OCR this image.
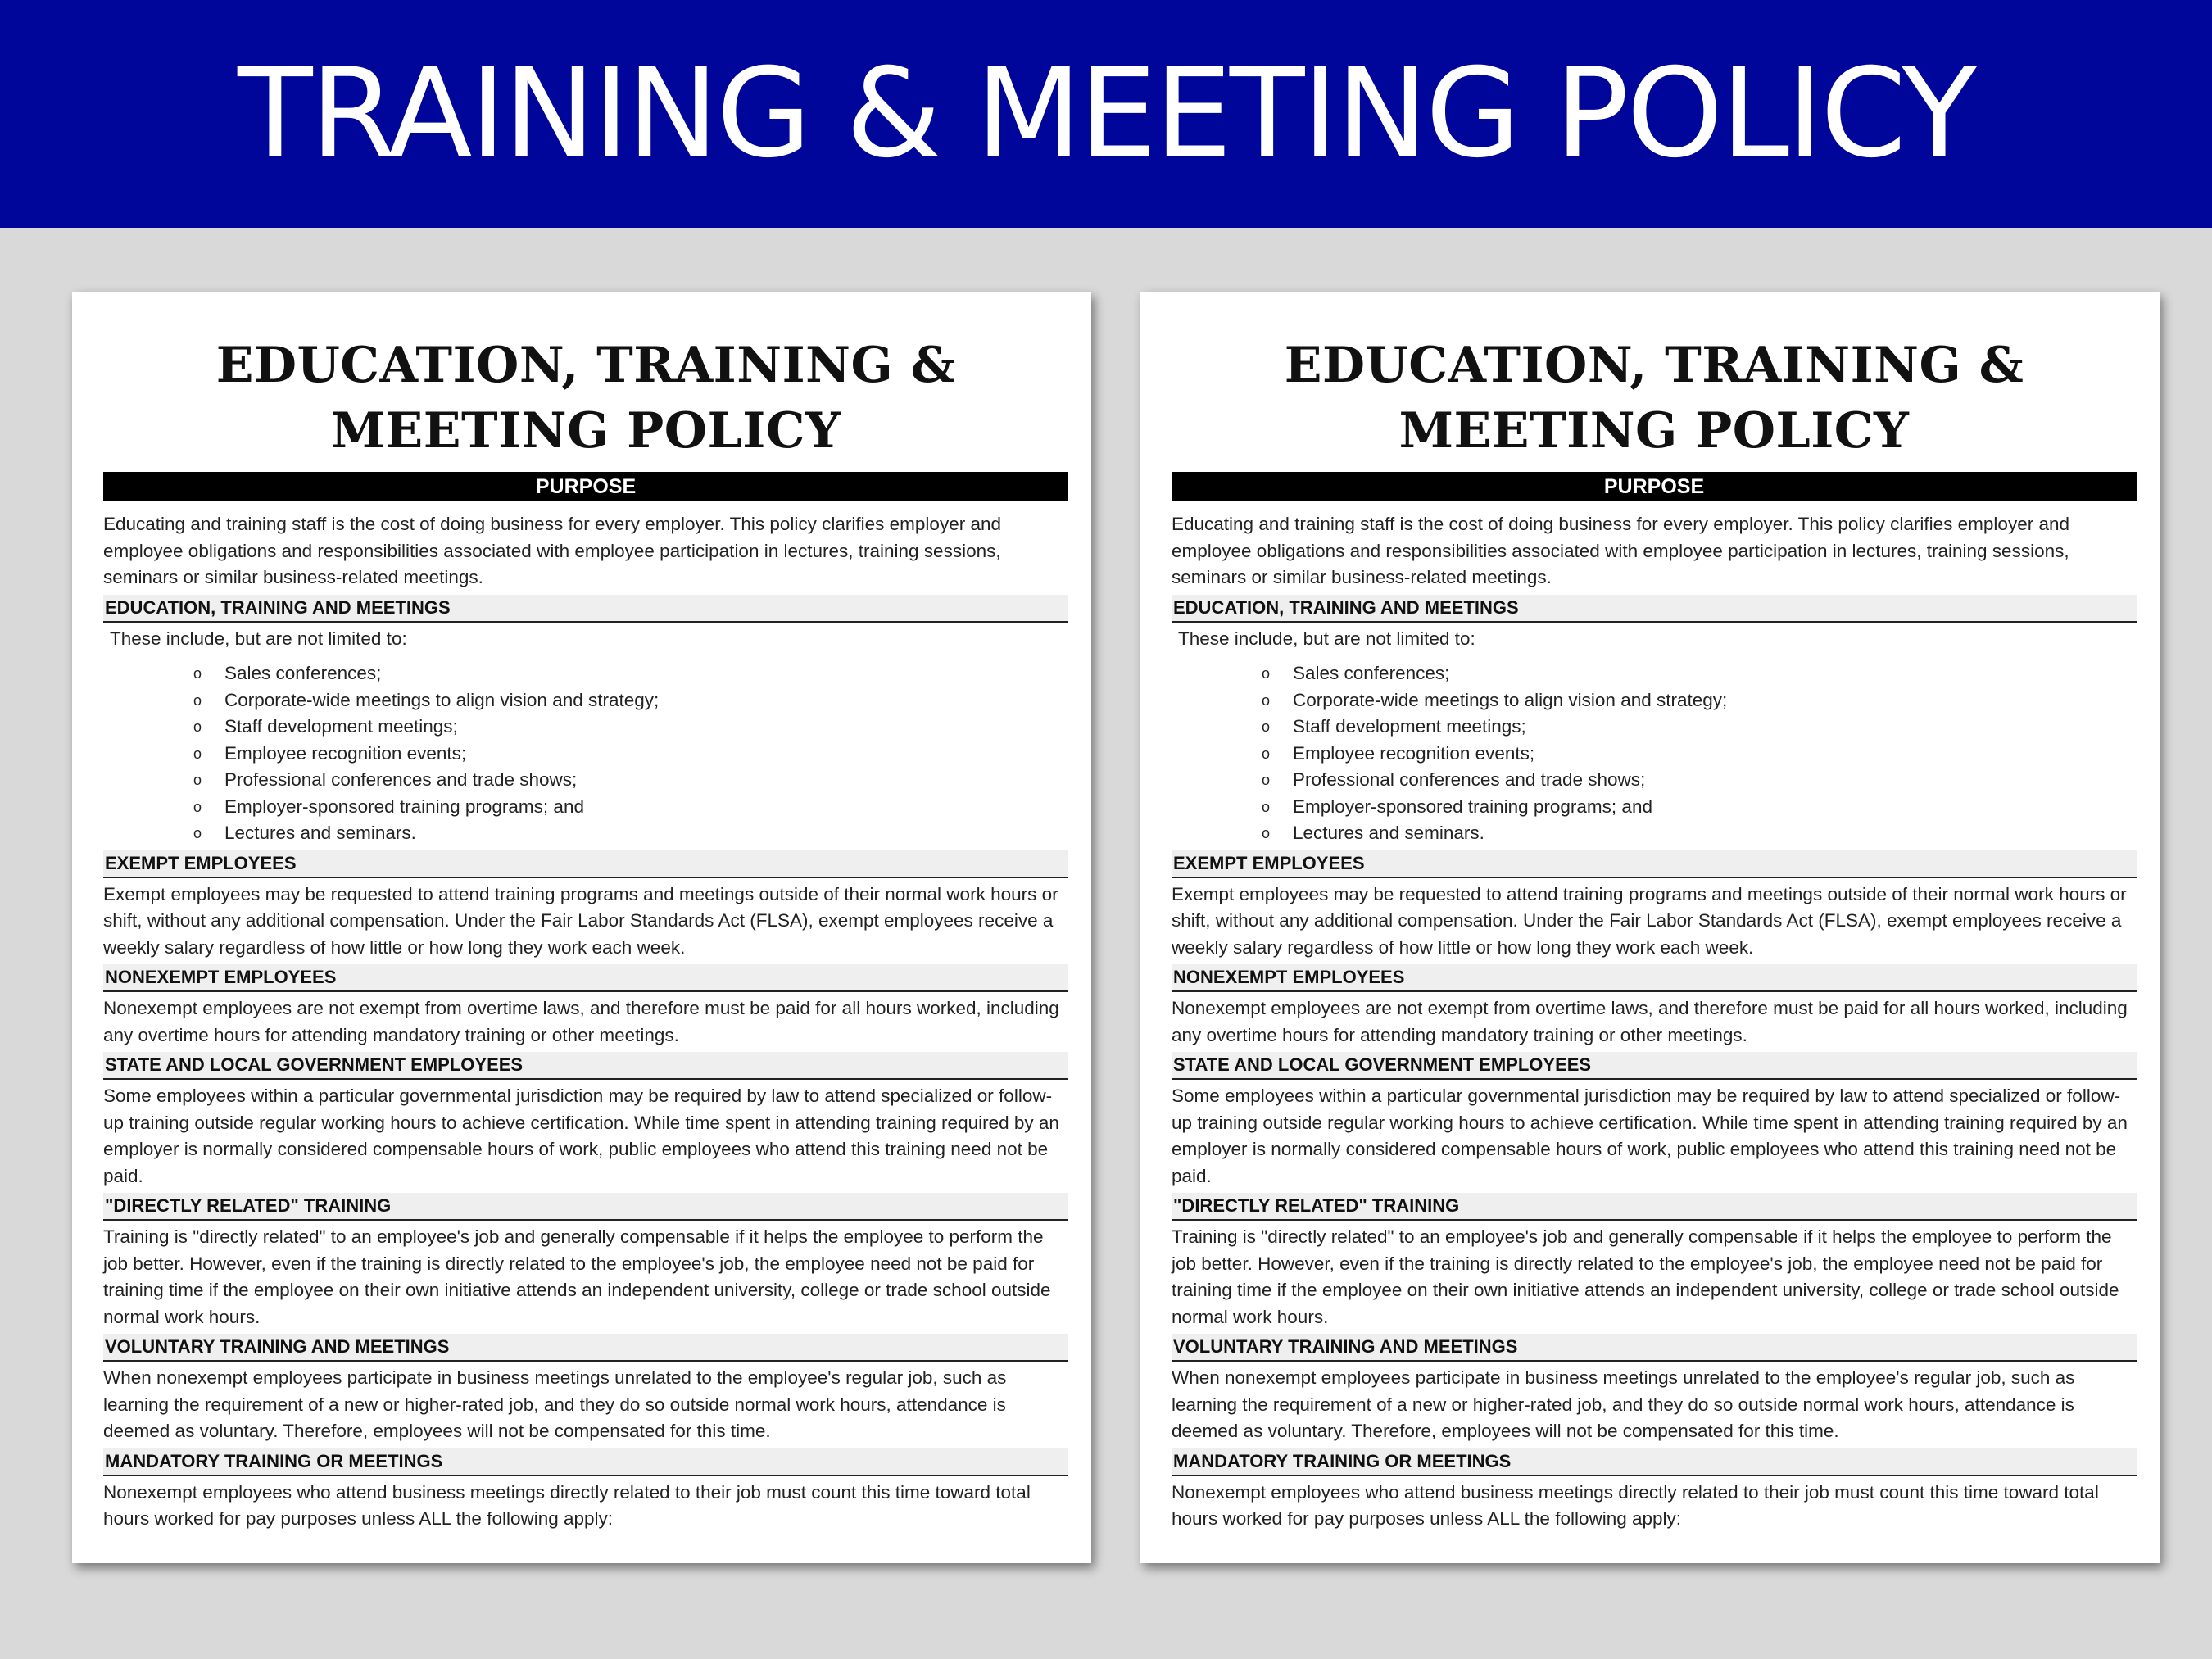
TRAINING & MEETING POLICY
EDUCATION, TRAINING & MEETING POLICY
PURPOSE

Educating and training staff is the cost of doing business for every employer. This policy clarifies employer and employee obligations and responsibilities associated with employee participation in lectures, training sessions, seminars or similar business-related meetings.

EDUCATION, TRAINING AND MEETINGS

These include, but are not limited to:

o Sales conferences;
o Corporate-wide meetings to align vision and strategy;
o Staff development meetings;
o Employee recognition events;
o Professional conferences and trade shows;
o Employer-sponsored training programs; and
o Lectures and seminars.
EXEMPT EMPLOYEES

Exempt employees may be requested to attend training programs and meetings outside of their normal work hours or shift, without any additional compensation. Under the Fair Labor Standards Act (FLSA), exempt employees receive a weekly salary regardless of how little or how long they work each week.

NONEXEMPT EMPLOYEES

Nonexempt employees are not exempt from overtime laws, and therefore must be paid for all hours worked, including any overtime hours for attending mandatory training or other meetings.

STATE AND LOCAL GOVERNMENT EMPLOYEES

Some employees within a particular governmental jurisdiction may be required by law to attend specialized or follow-up training outside regular working hours to achieve certification. While time spent in attending training required by an employer is normally considered compensable hours of work, public employees who attend this training need not be paid.

"DIRECTLY RELATED" TRAINING

Training is "directly related" to an employee's job and generally compensable if it helps the employee to perform the job better. However, even if the training is directly related to the employee's job, the employee need not be paid for training time if the employee on their own initiative attends an independent university, college or trade school outside normal work hours.

VOLUNTARY TRAINING AND MEETINGS

When nonexempt employees participate in business meetings unrelated to the employee's regular job, such as learning the requirement of a new or higher-rated job, and they do so outside normal work hours, attendance is deemed as voluntary. Therefore, employees will not be compensated for this time.

MANDATORY TRAINING OR MEETINGS

Nonexempt employees who attend business meetings directly related to their job must count this time toward total hours worked for pay purposes unless ALL the following apply:

EDUCATION, TRAINING & MEETING POLICY
PURPOSE

Educating and training staff is the cost of doing business for every employer. This policy clarifies employer and employee obligations and responsibilities associated with employee participation in lectures, training sessions, seminars or similar business-related meetings.

EDUCATION, TRAINING AND MEETINGS

These include, but are not limited to:

o Sales conferences;
o Corporate-wide meetings to align vision and strategy;
o Staff development meetings;
o Employee recognition events;
o Professional conferences and trade shows;
o Employer-sponsored training programs; and
o Lectures and seminars.
EXEMPT EMPLOYEES

Exempt employees may be requested to attend training programs and meetings outside of their normal work hours or shift, without any additional compensation. Under the Fair Labor Standards Act (FLSA), exempt employees receive a weekly salary regardless of how little or how long they work each week.

NONEXEMPT EMPLOYEES

Nonexempt employees are not exempt from overtime laws, and therefore must be paid for all hours worked, including any overtime hours for attending mandatory training or other meetings.

STATE AND LOCAL GOVERNMENT EMPLOYEES

Some employees within a particular governmental jurisdiction may be required by law to attend specialized or follow-up training outside regular working hours to achieve certification. While time spent in attending training required by an employer is normally considered compensable hours of work, public employees who attend this training need not be paid.

"DIRECTLY RELATED" TRAINING

Training is "directly related" to an employee's job and generally compensable if it helps the employee to perform the job better. However, even if the training is directly related to the employee's job, the employee need not be paid for training time if the employee on their own initiative attends an independent university, college or trade school outside normal work hours.

VOLUNTARY TRAINING AND MEETINGS

When nonexempt employees participate in business meetings unrelated to the employee's regular job, such as learning the requirement of a new or higher-rated job, and they do so outside normal work hours, attendance is deemed as voluntary. Therefore, employees will not be compensated for this time.

MANDATORY TRAINING OR MEETINGS

Nonexempt employees who attend business meetings directly related to their job must count this time toward total hours worked for pay purposes unless ALL the following apply:
